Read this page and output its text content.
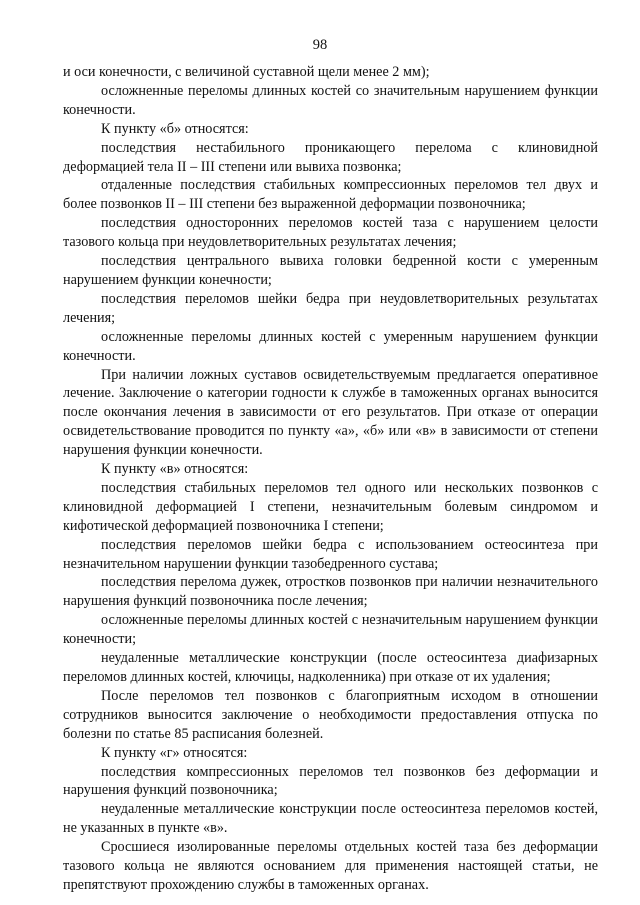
98

и оси конечности, с величиной суставной щели менее 2 мм);

осложненные переломы длинных костей со значительным нарушением функции конечности.

К пункту «б» относятся:

последствия нестабильного проникающего перелома с клиновидной деформацией тела II – III степени или вывиха позвонка;

отдаленные последствия стабильных компрессионных переломов тел двух и более позвонков II – III степени без выраженной деформации позвоночника;

последствия односторонних переломов костей таза с нарушением целости тазового кольца при неудовлетворительных результатах лечения;

последствия центрального вывиха головки бедренной кости с умеренным нарушением функции конечности;

последствия переломов шейки бедра при неудовлетворительных результатах лечения;

осложненные переломы длинных костей с умеренным нарушением функции конечности.

При наличии ложных суставов освидетельствуемым предлагается оперативное лечение. Заключение о категории годности к службе в таможенных органах выносится после окончания лечения в зависимости от его результатов. При отказе от операции освидетельствование проводится по пункту «а», «б» или «в» в зависимости от степени нарушения функции конечности.

К пункту «в» относятся:

последствия стабильных переломов тел одного или нескольких позвонков с клиновидной деформацией I степени, незначительным болевым синдромом и кифотической деформацией позвоночника I степени;

последствия переломов шейки бедра с использованием остеосинтеза при незначительном нарушении функции тазобедренного сустава;

последствия перелома дужек, отростков позвонков при наличии незначительного нарушения функций позвоночника после лечения;

осложненные переломы длинных костей с незначительным нарушением функции конечности;

неудаленные металлические конструкции (после остеосинтеза диафизарных переломов длинных костей, ключицы, надколенника) при отказе от их удаления;

После переломов тел позвонков с благоприятным исходом в отношении сотрудников выносится заключение о необходимости предоставления отпуска по болезни по статье 85 расписания болезней.

К пункту «г» относятся:

последствия компрессионных переломов тел позвонков без деформации и нарушения функций позвоночника;

неудаленные металлические конструкции после остеосинтеза переломов костей, не указанных в пункте «в».

Сросшиеся изолированные переломы отдельных костей таза без деформации тазового кольца не являются основанием для применения настоящей статьи, не препятствуют прохождению службы в таможенных органах.
